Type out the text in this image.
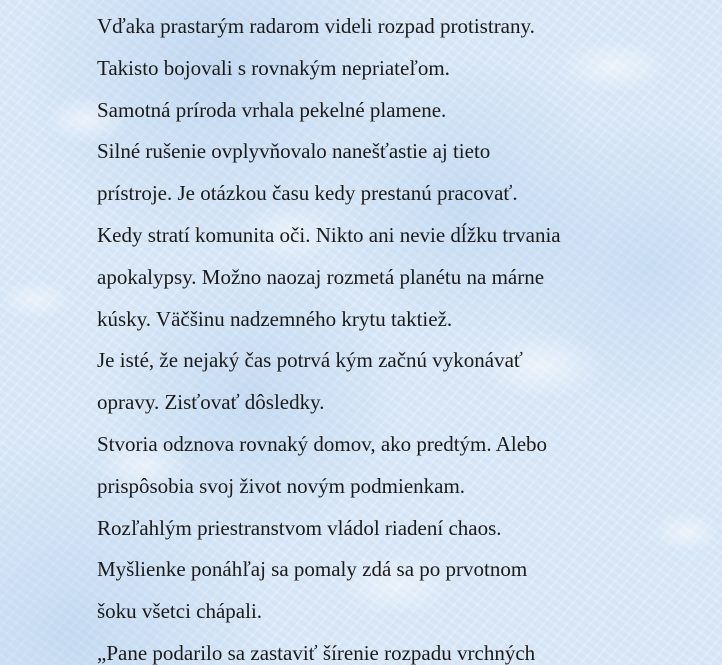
Vďaka prastarým radarom videli rozpad protistrany.
Takisto bojovali s rovnakým nepriateľom.
Samotná príroda vrhala pekelné plamene.
Silné rušenie ovplyvňovalo nanešťastie aj tieto
prístroje. Je otázkou času kedy prestanú pracovať.
Kedy stratí komunita oči. Nikto ani nevie dĺžku trvania
apokalypsy. Možno naozaj rozmetá planétu na márne
kúsky. Väčšinu nadzemného krytu taktiež.
Je isté, že nejaký čas potrvá kým začnú vykonávať
opravy. Zisťovať dôsledky.
Stvoria odznova rovnaký domov, ako predtým. Alebo
prispôsobia svoj život novým podmienkam.
Rozľahlým priestranstvom vládol riadení chaos.
Myšlienke ponáhľaj sa pomaly zdá sa po prvotnom
šoku všetci chápali.
„Pane podarilo sa zastaviť šírenie rozpadu vrchných
